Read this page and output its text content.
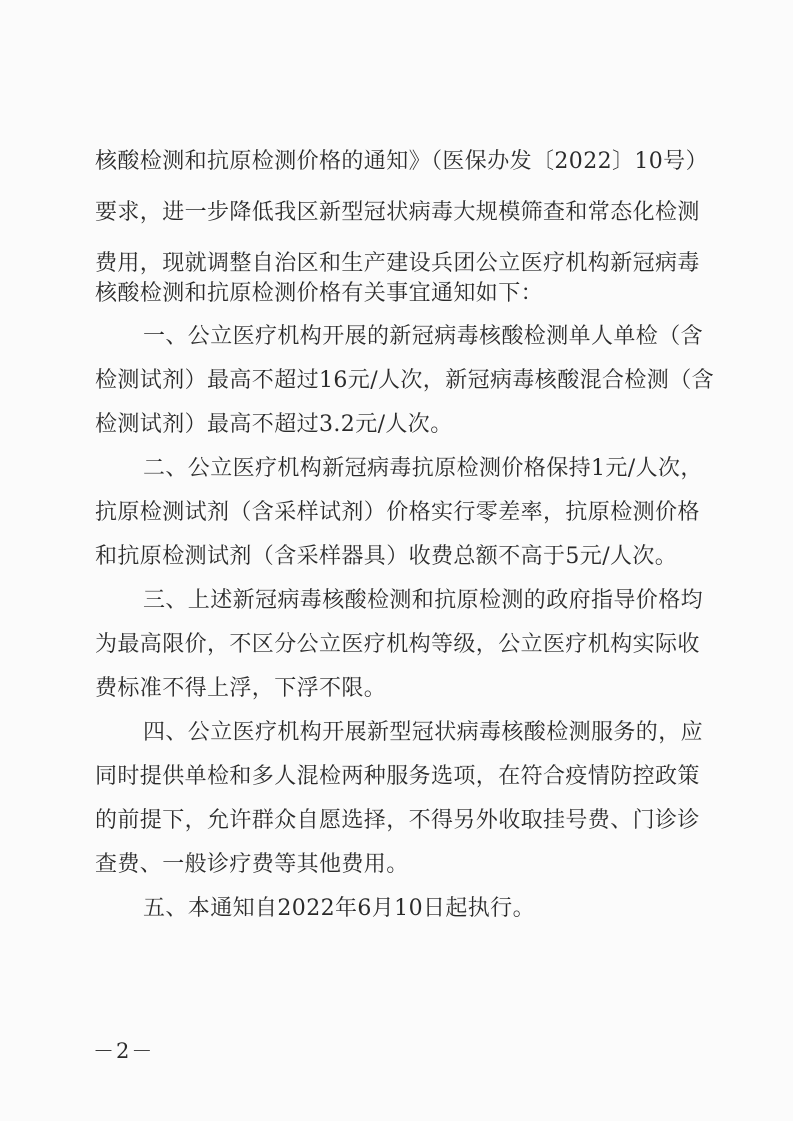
核酸检测和抗原检测价格的通知》（医保办发〔2022〕10号）
要求，进一步降低我区新型冠状病毒大规模筛查和常态化检测
费用，现就调整自治区和生产建设兵团公立医疗机构新冠病毒
核酸检测和抗原检测价格有关事宜通知如下：
一、公立医疗机构开展的新冠病毒核酸检测单人单检（含
检测试剂）最高不超过16元/人次，新冠病毒核酸混合检测（含
检测试剂）最高不超过3.2元/人次。
二、公立医疗机构新冠病毒抗原检测价格保持1元/人次，
抗原检测试剂（含采样试剂）价格实行零差率，抗原检测价格
和抗原检测试剂（含采样器具）收费总额不高于5元/人次。
三、上述新冠病毒核酸检测和抗原检测的政府指导价格均
为最高限价，不区分公立医疗机构等级，公立医疗机构实际收
费标准不得上浮，下浮不限。
四、公立医疗机构开展新型冠状病毒核酸检测服务的，应
同时提供单检和多人混检两种服务选项，在符合疫情防控政策
的前提下，允许群众自愿选择，不得另外收取挂号费、门诊诊
查费、一般诊疗费等其他费用。
五、本通知自2022年6月10日起执行。
－2－
